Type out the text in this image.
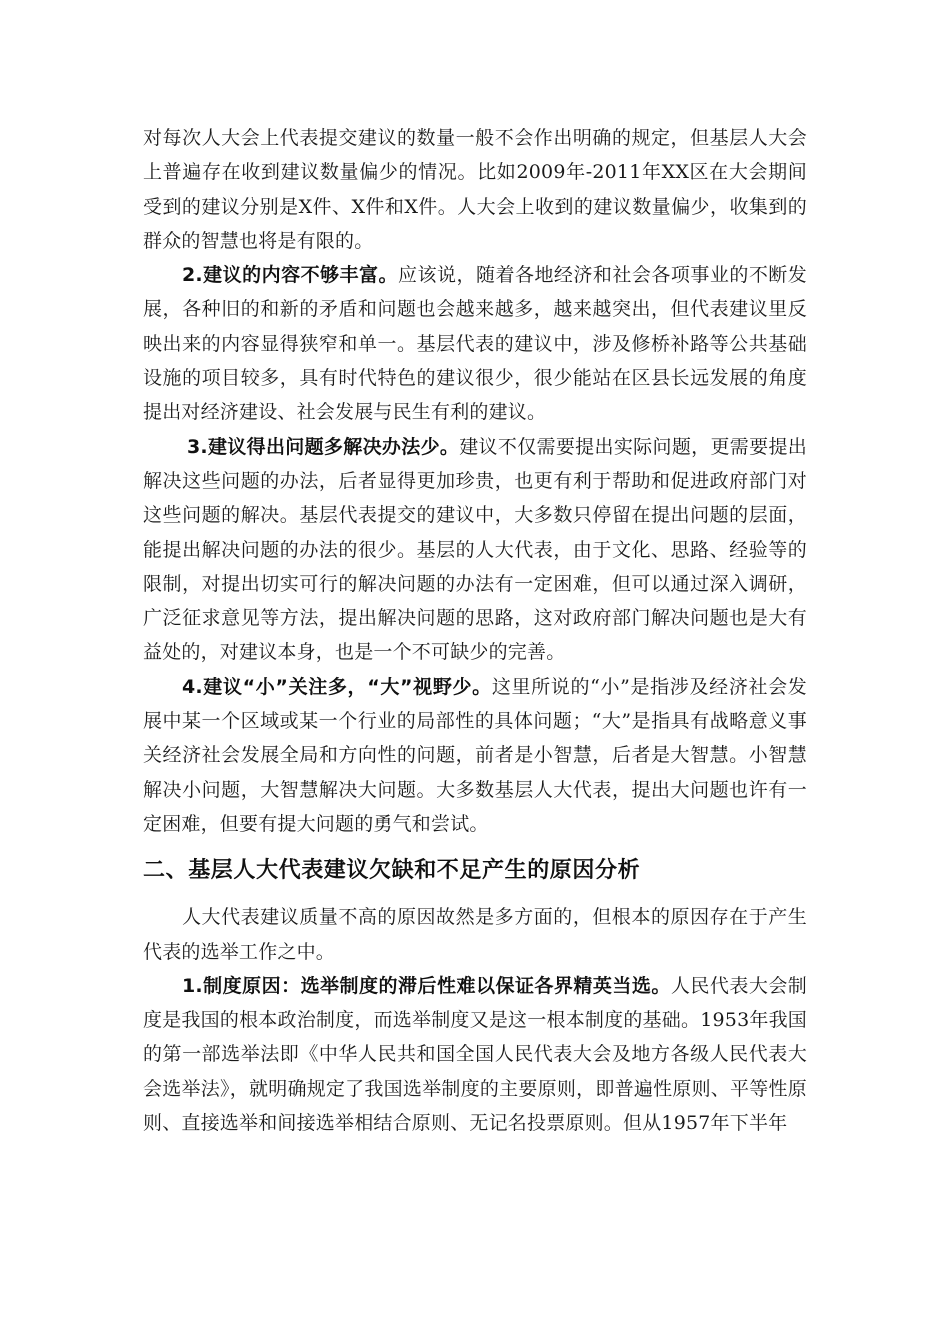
对每次人大会上代表提交建议的数量一般不会作出明确的规定，但基层人大会上普遍存在收到建议数量偏少的情况。比如2009年-2011年XX区在大会期间受到的建议分别是X件、X件和X件。人大会上收到的建议数量偏少，收集到的群众的智慧也将是有限的。

2.建议的内容不够丰富。应该说，随着各地经济和社会各项事业的不断发展，各种旧的和新的矛盾和问题也会越来越多，越来越突出，但代表建议里反映出来的内容显得狭窄和单一。基层代表的建议中，涉及修桥补路等公共基础设施的项目较多，具有时代特色的建议很少，很少能站在区县长远发展的角度提出对经济建设、社会发展与民生有利的建议。

3.建议得出问题多解决办法少。建议不仅需要提出实际问题，更需要提出解决这些问题的办法，后者显得更加珍贵，也更有利于帮助和促进政府部门对这些问题的解决。基层代表提交的建议中，大多数只停留在提出问题的层面，能提出解决问题的办法的很少。基层的人大代表，由于文化、思路、经验等的限制，对提出切实可行的解决问题的办法有一定困难，但可以通过深入调研，广泛征求意见等方法，提出解决问题的思路，这对政府部门解决问题也是大有益处的，对建议本身，也是一个不可缺少的完善。

4.建议“小”关注多，“大”视野少。这里所说的“小”是指涉及经济社会发展中某一个区域或某一个行业的局部性的具体问题；“大”是指具有战略意义事关经济社会发展全局和方向性的问题，前者是小智慧，后者是大智慧。小智慧解决小问题，大智慧解决大问题。大多数基层人大代表，提出大问题也许有一定困难，但要有提大问题的勇气和尝试。

二、基层人大代表建议欠缺和不足产生的原因分析

人大代表建议质量不高的原因故然是多方面的，但根本的原因存在于产生代表的选举工作之中。

1.制度原因：选举制度的滞后性难以保证各界精英当选。人民代表大会制度是我国的根本政治制度，而选举制度又是这一根本制度的基础。1953年我国的第一部选举法即《中华人民共和国全国人民代表大会及地方各级人民代表大会选举法》，就明确规定了我国选举制度的主要原则，即普遍性原则、平等性原则、直接选举和间接选举相结合原则、无记名投票原则。但从1957年下半年
